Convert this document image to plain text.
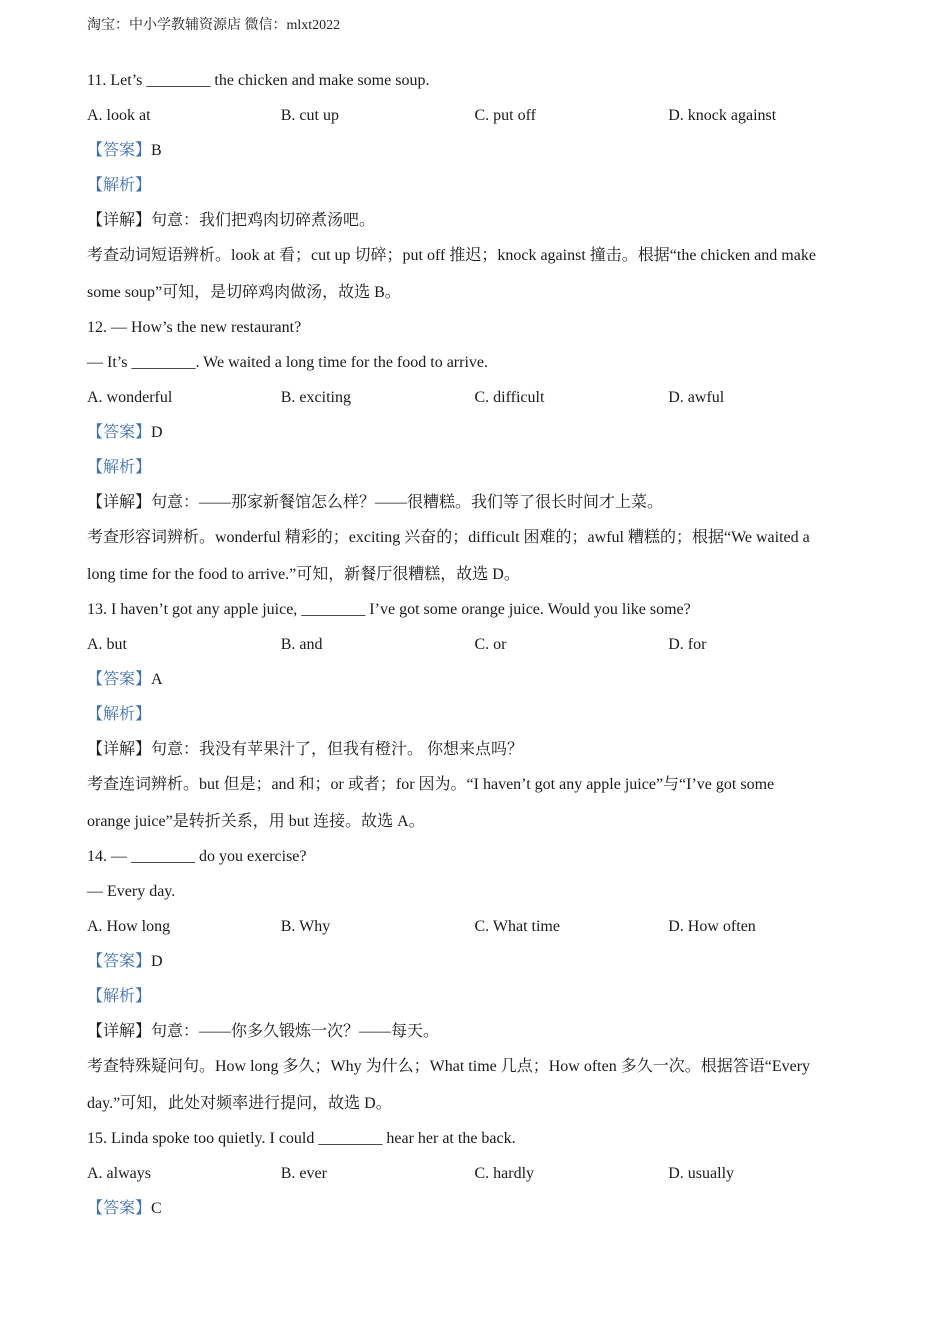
淘宝：中小学教辅资源店 微信：mlxt2022
11. Let’s ________ the chicken and make some soup.
A. look at	B. cut up	C. put off	D. knock against
【答案】B
【解析】
【详解】句意：我们把鸡肉切碎煮汤吧。
考查动词短语辨析。look at 看；cut up 切碎；put off 推迟；knock against 撞击。根据“the chicken and make
some soup”可知，是切碎鸡肉做汤，故选 B。
12. — How’s the new restaurant?
— It’s ________. We waited a long time for the food to arrive.
A. wonderful	B. exciting	C. difficult	D. awful
【答案】D
【解析】
【详解】句意：——那家新餐馆怎么样？——很糟糕。我们等了很长时间才上菜。
考查形容词辨析。wonderful 精彩的；exciting 兴奋的；difficult 困难的；awful 糟糕的；根据“We waited a
long time for the food to arrive.”可知，新餐厅很糟糕，故选 D。
13. I haven’t got any apple juice, ________ I’ve got some orange juice. Would you like some?
A. but	B. and	C. or	D. for
【答案】A
【解析】
【详解】句意：我没有苹果汁了，但我有橙汁。 你想来点吗？
考查连词辨析。but 但是；and 和；or 或者；for 因为。“I haven’t got any apple juice”与“I’ve got some
orange juice”是转折关系，用 but 连接。故选 A。
14. — ________ do you exercise?
— Every day.
A. How long	B. Why	C. What time	D. How often
【答案】D
【解析】
【详解】句意：——你多久锻炼一次？——每天。
考查特殊疑问句。How long 多久；Why 为什么；What time 几点；How often 多久一次。根据答语“Every
day.”可知，此处对频率进行提问，故选 D。
15. Linda spoke too quietly. I could ________ hear her at the back.
A. always	B. ever	C. hardly	D. usually
【答案】C
